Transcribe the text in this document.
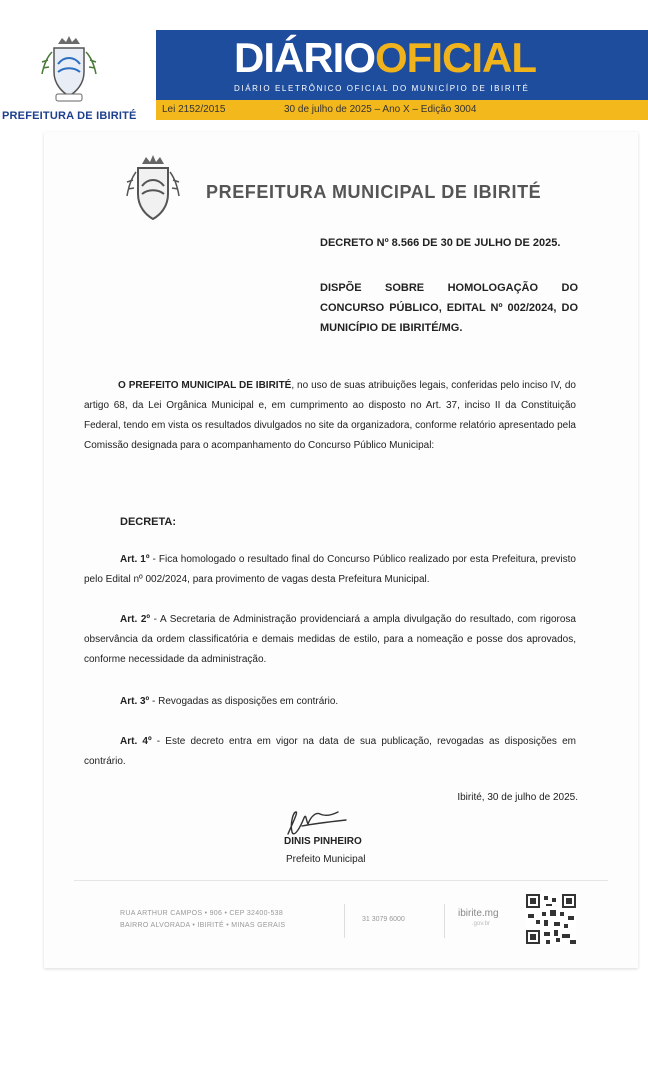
PREFEITURA DE IBIRITÉ
DIÁRIOOFICIAL
DIÁRIO ELETRÔNICO OFICIAL DO MUNICÍPIO DE IBIRITÉ
Lei 2152/2015	30 de julho de 2025 – Ano X – Edição 3004
PREFEITURA MUNICIPAL DE IBIRITÉ
DECRETO Nº 8.566 DE 30 DE JULHO DE 2025.
DISPÕE SOBRE HOMOLOGAÇÃO DO CONCURSO PÚBLICO, EDITAL Nº 002/2024, DO MUNICÍPIO DE IBIRITÉ/MG.
O PREFEITO MUNICIPAL DE IBIRITÉ, no uso de suas atribuições legais, conferidas pelo inciso IV, do artigo 68, da Lei Orgânica Municipal e, em cumprimento ao disposto no Art. 37, inciso II da Constituição Federal, tendo em vista os resultados divulgados no site da organizadora, conforme relatório apresentado pela Comissão designada para o acompanhamento do Concurso Público Municipal:
DECRETA:
Art. 1º - Fica homologado o resultado final do Concurso Público realizado por esta Prefeitura, previsto pelo Edital nº 002/2024, para provimento de vagas desta Prefeitura Municipal.
Art. 2º - A Secretaria de Administração providenciará a ampla divulgação do resultado, com rigorosa observância da ordem classificatória e demais medidas de estilo, para a nomeação e posse dos aprovados, conforme necessidade da administração.
Art. 3º - Revogadas as disposições em contrário.
Art. 4º - Este decreto entra em vigor na data de sua publicação, revogadas as disposições em contrário.
Ibirité, 30 de julho de 2025.
DINIS PINHEIRO
Prefeito Municipal
RUA ARTHUR CAMPOS • 906 • CEP 32400-538
BAIRRO ALVORADA • IBIRITÉ • MINAS GERAIS
31 3079 6000
ibirite.mg
.gov.br
